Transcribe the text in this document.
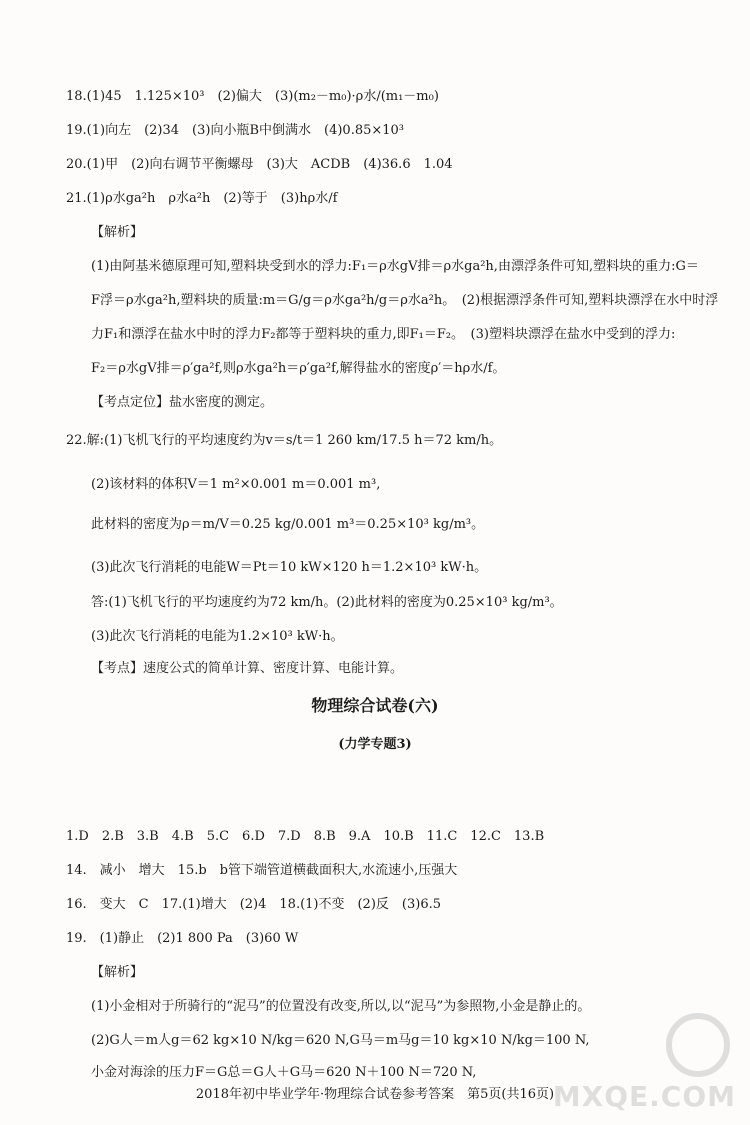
18.(1)45　1.125×10³　(2)偏大　(3)(m₂－m₀)·ρ水/(m₁－m₀)
19.(1)向左　(2)34　(3)向小瓶B中倒满水　(4)0.85×10³
20.(1)甲　(2)向右调节平衡螺母　(3)大　ACDB　(4)36.6　1.04
21.(1)ρ水ga²h　ρ水a²h　(2)等于　(3)hρ水/f
【解析】
(1)由阿基米德原理可知,塑料块受到水的浮力:F₁＝ρ水gV排＝ρ水ga²h,由漂浮条件可知,塑料块的重力:G＝
F浮＝ρ水ga²h,塑料块的质量:m＝G/g＝ρ水ga²h/g＝ρ水a²h。　(2)根据漂浮条件可知,塑料块漂浮在水中时浮
力F₁和漂浮在盐水中时的浮力F₂都等于塑料块的重力,即F₁＝F₂。　(3)塑料块漂浮在盐水中受到的浮力:
F₂＝ρ水gV排＝ρ′ga²f,则ρ水ga²h＝ρ′ga²f,解得盐水的密度ρ′＝hρ水/f。
【考点定位】盐水密度的测定。
22.解:(1)飞机飞行的平均速度约为v＝s/t＝1 260 km/17.5 h＝72 km/h。
(2)该材料的体积V＝1 m²×0.001 m＝0.001 m³,
此材料的密度为ρ＝m/V＝0.25 kg/0.001 m³＝0.25×10³ kg/m³。
(3)此次飞行消耗的电能W＝Pt＝10 kW×120 h＝1.2×10³ kW·h。
答:(1)飞机飞行的平均速度约为72 km/h。(2)此材料的密度为0.25×10³ kg/m³。
(3)此次飞行消耗的电能为1.2×10³ kW·h。
【考点】速度公式的简单计算、密度计算、电能计算。
物理综合试卷(六)
(力学专题3)
1.D　2.B　3.B　4.B　5.C　6.D　7.D　8.B　9.A　10.B　11.C　12.C　13.B
14.　减小　增大　15.b　b管下端管道横截面积大,水流速小,压强大
16.　变大　C　17.(1)增大　(2)4　18.(1)不变　(2)反　(3)6.5
19.　(1)静止　(2)1 800 Pa　(3)60 W
【解析】
(1)小金相对于所骑行的“泥马”的位置没有改变,所以,以“泥马”为参照物,小金是静止的。
(2)G人＝m人g＝62 kg×10 N/kg＝620 N,G马＝m马g＝10 kg×10 N/kg＝100 N,
小金对海涂的压力F＝G总＝G人＋G马＝620 N＋100 N＝720 N,
2018年初中毕业学年·物理综合试卷参考答案　第5页(共16页)
MXQE.COM
